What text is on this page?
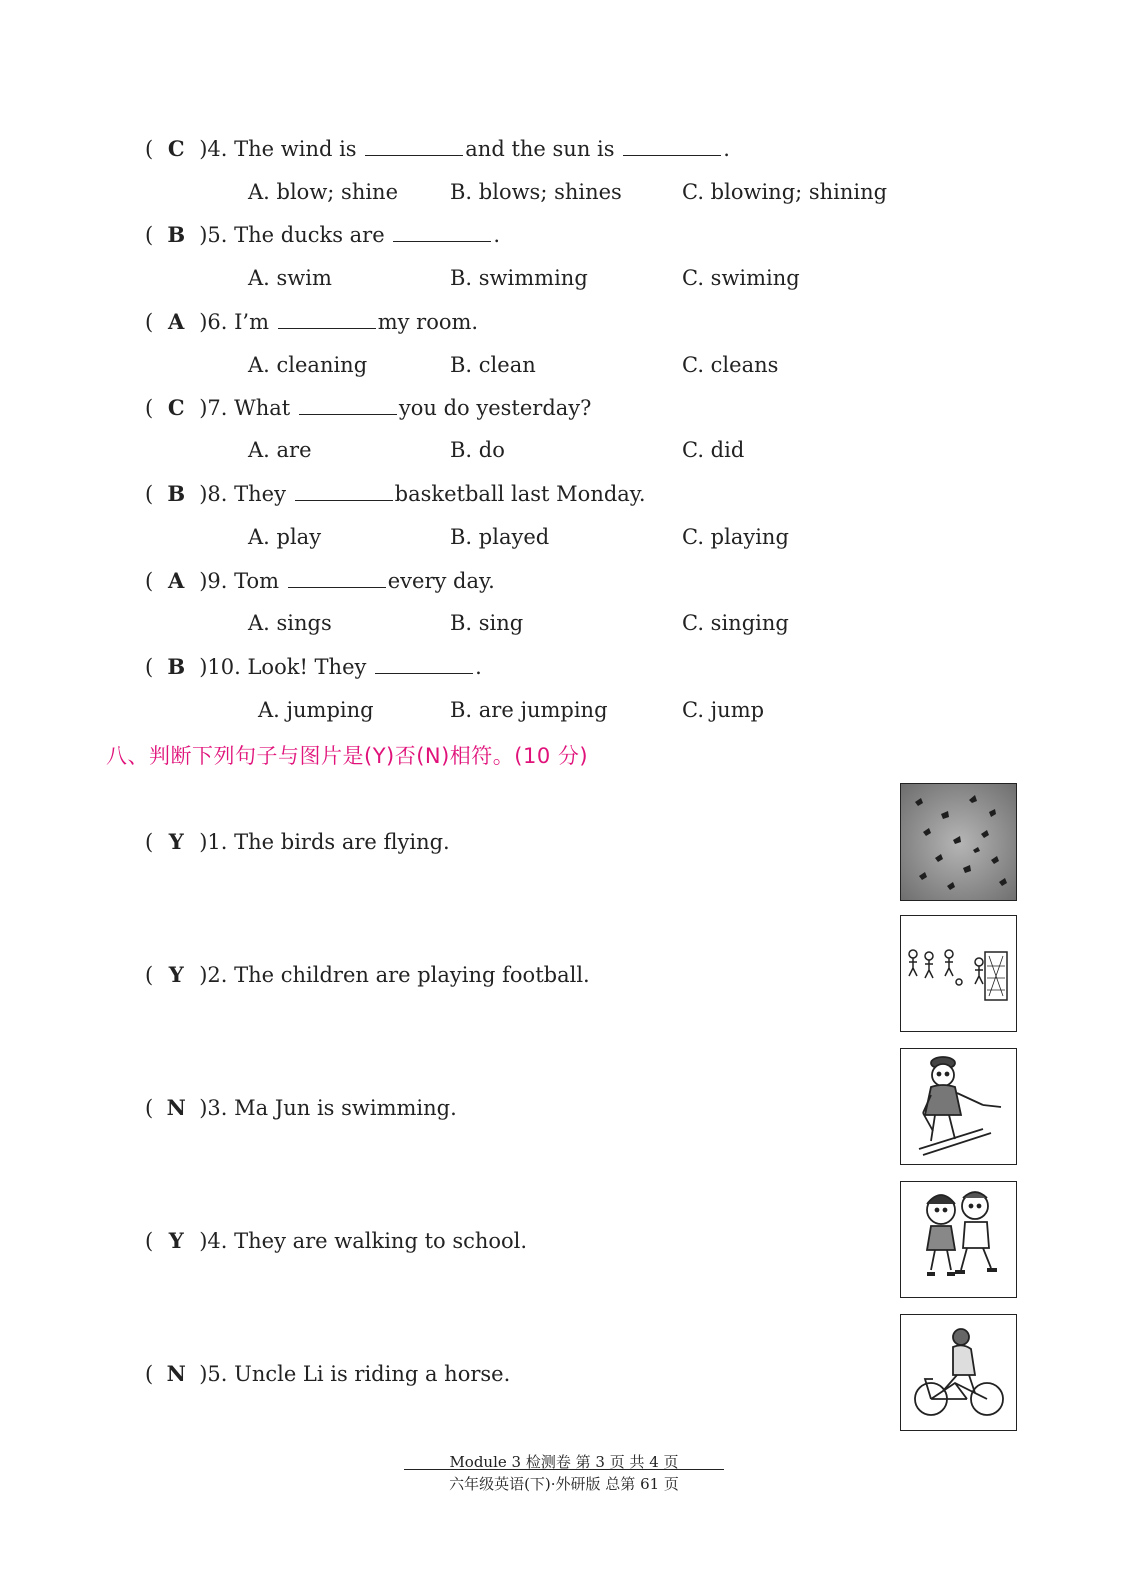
( C )4. The wind is	and the sun is	.
A. blow; shine B. blows; shines	C. blowing; shining
( B )5. The ducks are	.
A. swim	B. swimming	C. swiming
( A )6. I’m	my room.
A. cleaning	B. clean	C. cleans
( C )7. What	you do yesterday?
A. are	B. do	C. did
( B )8. They	basketball last Monday.
A. play	B. played	C. playing
( A )9. Tom	every day.
A. sings	B. sing	C. singing
( B )10. Look! They	.
A. jumping	B. are jumping	C. jump
八、判断下列句子与图片是(Y)否(N)相符。(10 分)
( Y )1. The birds are flying.
( Y )2. The children are playing football.
( N )3. Ma Jun is swimming.
( Y )4. They are walking to school.
( N )5. Uncle Li is riding a horse.
Module 3 检测卷 第 3 页 共 4 页
六年级英语(下)·外研版 总第 61 页
